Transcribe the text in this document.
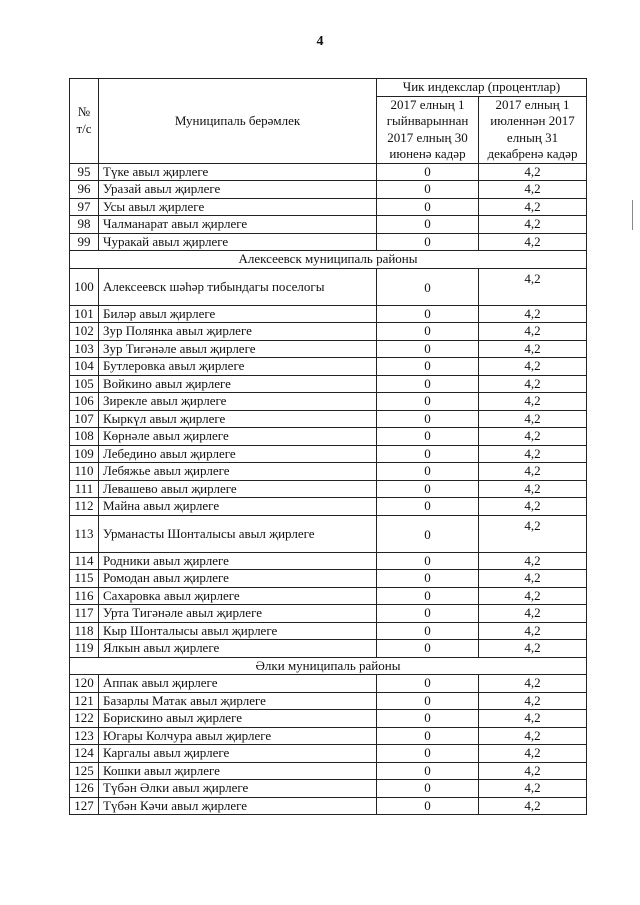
4
№ т/с	Муниципаль берәмлек	Чик индекслар (процентлар)	
		2017 елның 1 гыйнварыннан 2017 елның 30 июненә кадәр	2017 елның 1 июленнән 2017 елның 31 декабренә кадәр
95	Түке авыл җирлеге	0	4,2
96	Уразай авыл җирлеге	0	4,2
97	Усы авыл җирлеге	0	4,2
98	Чалманарат авыл җирлеге	0	4,2
99	Чуракай авыл җирлеге	0	4,2
Алексеевск муниципаль районы			
100	Алексеевск шәһәр тибындагы поселогы	0	4,2
101	Биләр авыл җирлеге	0	4,2
102	Зур Полянка авыл җирлеге	0	4,2
103	Зур Тигәнәле авыл җирлеге	0	4,2
104	Бутлеровка авыл җирлеге	0	4,2
105	Войкино авыл җирлеге	0	4,2
106	Зирекле авыл җирлеге	0	4,2
107	Кыркүл авыл җирлеге	0	4,2
108	Көрнәле авыл җирлеге	0	4,2
109	Лебедино авыл җирлеге	0	4,2
110	Лебяжье авыл җирлеге	0	4,2
111	Левашево авыл җирлеге	0	4,2
112	Майна авыл җирлеге	0	4,2
113	Урманасты Шонталысы авыл җирлеге	0	4,2
114	Родники авыл җирлеге	0	4,2
115	Ромодан авыл җирлеге	0	4,2
116	Сахаровка авыл җирлеге	0	4,2
117	Урта Тигәнәле авыл җирлеге	0	4,2
118	Кыр Шонталысы авыл җирлеге	0	4,2
119	Ялкын авыл җирлеге	0	4,2
Әлки муниципаль районы			
120	Аппак авыл җирлеге	0	4,2
121	Базарлы Матак авыл җирлеге	0	4,2
122	Борискино авыл җирлеге	0	4,2
123	Югары Колчура авыл җирлеге	0	4,2
124	Каргалы авыл җирлеге	0	4,2
125	Кошки авыл җирлеге	0	4,2
126	Түбән Әлки авыл җирлеге	0	4,2
127	Түбән Кәчи авыл җирлеге	0	4,2
